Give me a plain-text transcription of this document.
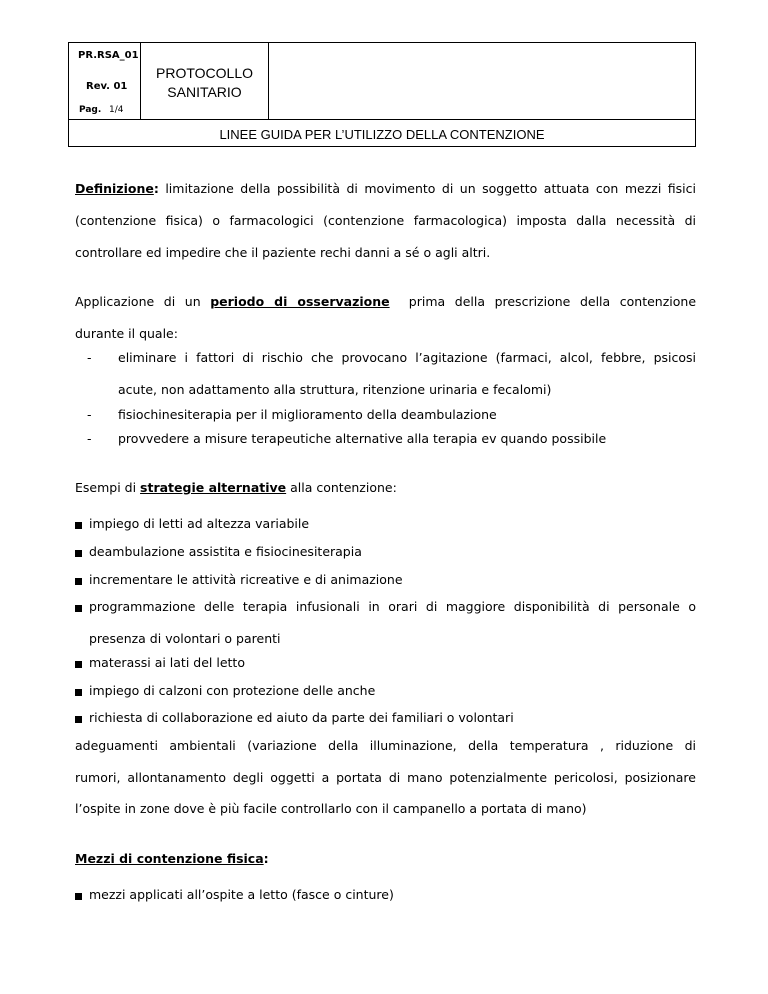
PR.RSA_01
Rev. 01
Pag. 1/4
PROTOCOLLO
SANITARIO
LINEE GUIDA PER L’UTILIZZO DELLA CONTENZIONE
Definizione: limitazione della possibilità di movimento di un soggetto attuata con mezzi fisici
(contenzione fisica) o farmacologici (contenzione farmacologica) imposta dalla necessità di
controllare ed impedire che il paziente rechi danni a sé o agli altri.
Applicazione di un periodo di osservazione  prima della prescrizione della contenzione
durante il quale:
- eliminare i fattori di rischio che provocano l’agitazione (farmaci, alcol, febbre, psicosi
acute, non adattamento alla struttura, ritenzione urinaria e fecalomi)
- fisiochinesiterapia per il miglioramento della deambulazione
- provvedere a misure terapeutiche alternative alla terapia ev quando possibile
Esempi di strategie alternative alla contenzione:
impiego di letti ad altezza variabile
deambulazione assistita e fisiocinesiterapia
incrementare le attività ricreative e di animazione
programmazione delle terapia infusionali in orari di maggiore disponibilità di personale o
presenza di volontari o parenti
materassi ai lati del letto
impiego di calzoni con protezione delle anche
richiesta di collaborazione ed aiuto da parte dei familiari o volontari
adeguamenti ambientali (variazione della illuminazione, della temperatura , riduzione di
rumori, allontanamento degli oggetti a portata di mano potenzialmente pericolosi, posizionare
l’ospite in zone dove è più facile controllarlo con il campanello a portata di mano)
Mezzi di contenzione fisica:
mezzi applicati all’ospite a letto (fasce o cinture)
